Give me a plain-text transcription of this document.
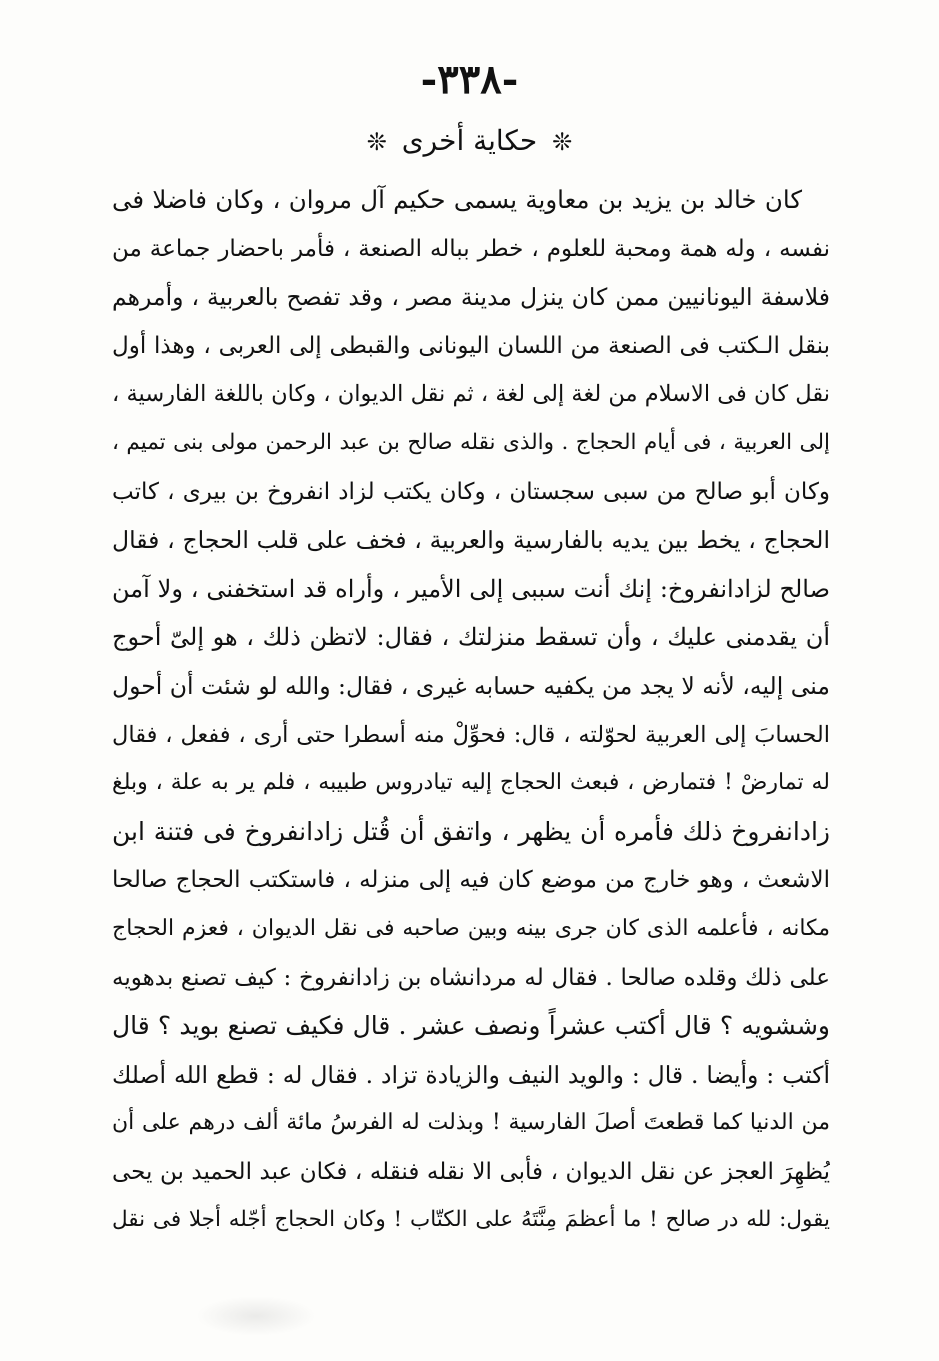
-٣٣٨-
❊ حكاية أخرى ❊
كان خالد بن يزيد بن معاوية يسمى حكيم آل مروان ، وكان فاضلا فى
نفسه ، وله همة ومحبة للعلوم ، خطر بباله الصنعة ، فأمر باحضار جماعة من
فلاسفة اليونانيين ممن كان ينزل مدينة مصر ، وقد تفصح بالعربية ، وأمرهم
بنقل الـكتب فى الصنعة من اللسان اليونانى والقبطى إلى العربى ، وهذا أول
نقل كان فى الاسلام من لغة إلى لغة ، ثم نقل الديوان ، وكان باللغة الفارسية ،
إلى العربية ، فى أيام الحجاج . والذى نقله صالح بن عبد الرحمن مولى بنى تميم ،
وكان أبو صالح من سبى سجستان ، وكان يكتب لزاد انفروخ بن بيرى ، كاتب
الحجاج ، يخط بين يديه بالفارسية والعربية ، فخف على قلب الحجاج ، فقال
صالح لزادانفروخ: إنك أنت سببى إلى الأمير ، وأراه قد استخفنى ، ولا آمن
أن يقدمنى عليك ، وأن تسقط منزلتك ، فقال: لاتظن ذلك ، هو إلىّ أحوج
منى إليه، لأنه لا يجد من يكفيه حسابه غيرى ، فقال: والله لو شئت أن أحول
الحسابَ إلى العربية لحوّلته ، قال: فحوِّلْ منه أسطرا حتى أرى ، ففعل ، فقال
له تمارضْ ! فتمارض ، فبعث الحجاج إليه تيادروس طبيبه ، فلم ير به علة ، وبلغ
زادانفروخ ذلك فأمره أن يظهر ، واتفق أن قُتل زادانفروخ فى فتنة ابن
الاشعث ، وهو خارج من موضع كان فيه إلى منزله ، فاستكتب الحجاج صالحا
مكانه ، فأعلمه الذى كان جرى بينه وبين صاحبه فى نقل الديوان ، فعزم الحجاج
على ذلك وقلده صالحا . فقال له مردانشاه بن زادانفروخ : كيف تصنع بدهويه
وششويه ؟ قال أكتب عشراً ونصف عشر . قال فكيف تصنع بويد ؟ قال
أكتب : وأيضا . قال : والويد النيف والزيادة تزاد . فقال له : قطع الله أصلك
من الدنيا كما قطعتَ أصلَ الفارسية ! وبذلت له الفرسُ مائة ألف درهم على أن
يُظهِرَ العجز عن نقل الديوان ، فأبى الا نقله فنقله ، فكان عبد الحميد بن يحى
يقول: لله در صالح ! ما أعظمَ مِنَّتَهُ على الكتّاب ! وكان الحجاج أجّله أجلا فى نقل
